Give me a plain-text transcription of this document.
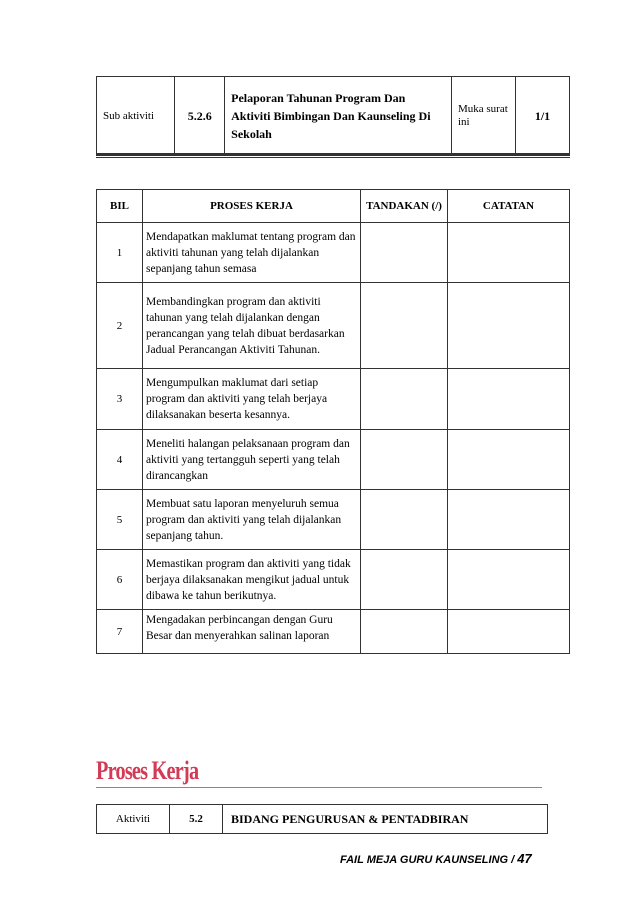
Sub aktiviti	5.2.6	Pelaporan Tahunan Program Dan Aktiviti Bimbingan Dan Kaunseling Di Sekolah	Muka surat ini	1/1
BIL	PROSES KERJA	TANDAKAN (/)	CATATAN
1	Mendapatkan maklumat tentang program dan aktiviti tahunan yang telah dijalankan sepanjang tahun semasa		
2	Membandingkan program dan aktiviti tahunan yang telah dijalankan dengan perancangan yang telah dibuat berdasarkan Jadual Perancangan Aktiviti Tahunan.		
3	Mengumpulkan maklumat dari setiap program dan aktiviti yang telah berjaya dilaksanakan beserta kesannya.		
4	Meneliti halangan pelaksanaan program dan aktiviti yang tertangguh seperti yang telah dirancangkan		
5	Membuat satu laporan menyeluruh semua program dan aktiviti yang telah dijalankan sepanjang tahun.		
6	Memastikan program dan aktiviti yang tidak berjaya dilaksanakan mengikut jadual untuk dibawa ke tahun berikutnya.		
7	Mengadakan perbincangan dengan Guru Besar dan menyerahkan salinan laporan		
Proses Kerja
Aktiviti	5.2	BIDANG PENGURUSAN & PENTADBIRAN
FAIL MEJA GURU KAUNSELING / 47
